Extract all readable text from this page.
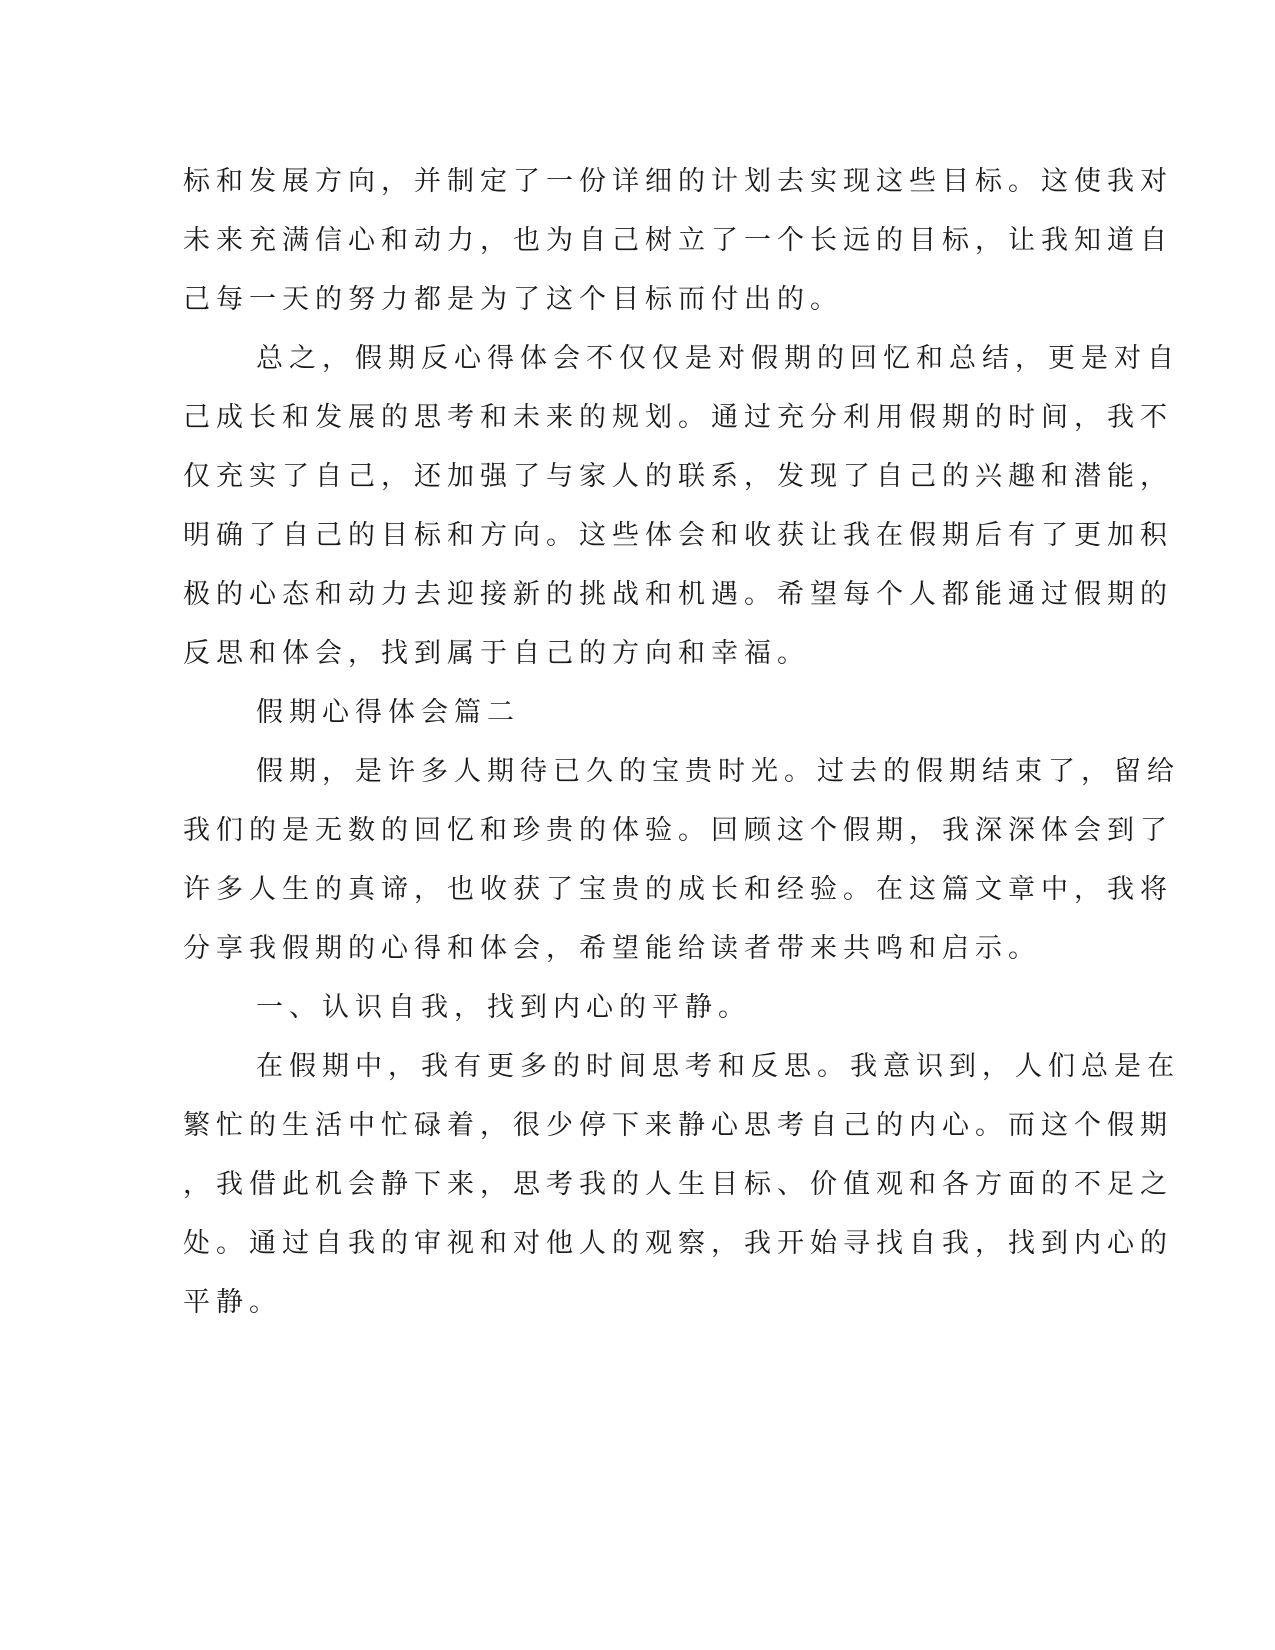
标和发展方向，并制定了一份详细的计划去实现这些目标。这使我对
未来充满信心和动力，也为自己树立了一个长远的目标，让我知道自
己每一天的努力都是为了这个目标而付出的。
总之，假期反心得体会不仅仅是对假期的回忆和总结，更是对自
己成长和发展的思考和未来的规划。通过充分利用假期的时间，我不
仅充实了自己，还加强了与家人的联系，发现了自己的兴趣和潜能，
明确了自己的目标和方向。这些体会和收获让我在假期后有了更加积
极的心态和动力去迎接新的挑战和机遇。希望每个人都能通过假期的
反思和体会，找到属于自己的方向和幸福。
假期心得体会篇二
假期，是许多人期待已久的宝贵时光。过去的假期结束了，留给
我们的是无数的回忆和珍贵的体验。回顾这个假期，我深深体会到了
许多人生的真谛，也收获了宝贵的成长和经验。在这篇文章中，我将
分享我假期的心得和体会，希望能给读者带来共鸣和启示。
一、认识自我，找到内心的平静。
在假期中，我有更多的时间思考和反思。我意识到，人们总是在
繁忙的生活中忙碌着，很少停下来静心思考自己的内心。而这个假期
，我借此机会静下来，思考我的人生目标、价值观和各方面的不足之
处。通过自我的审视和对他人的观察，我开始寻找自我，找到内心的
平静。
